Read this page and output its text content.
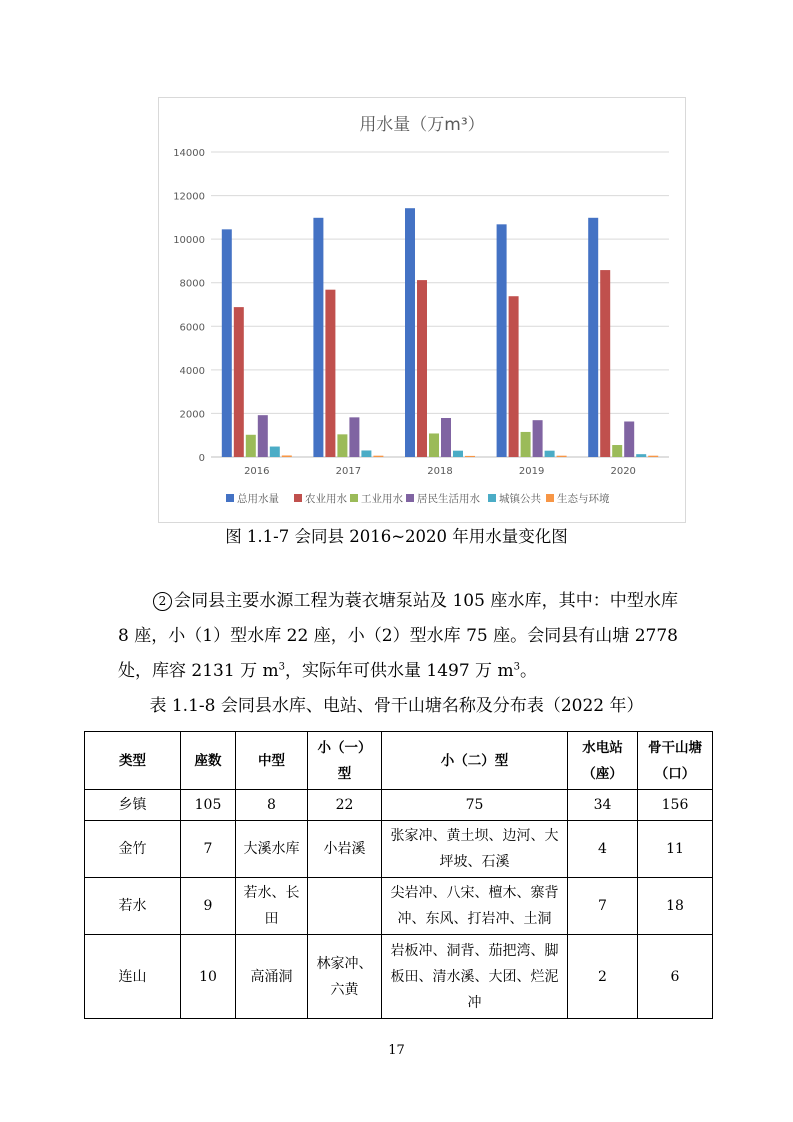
0
2000
4000
6000
8000
10000
12000
14000
2016	2017	2018	2019	2020
总用水量 农业用水 工业用水 居民生活用水 城镇公共 生态与环境
用水量（万m³）
图 1.1-7 会同县 2016~2020 年用水量变化图

2 会同县主要水源工程为蓑衣塘泵站及 105 座水库，其中：中型水库 8 座，小（1）型水库 22 座，小（2）型水库 75 座。会同县有山塘 2778 处，库容 2131 万 $m^3$，实际年可供水量 1497 万 $m^3$。

表 1.1-8 会同县水库、电站、骨干山塘名称及分布表（2022 年）
类型	座数	中型	小（一）型	小（二）型	水电站（座）	骨干山塘（口）
乡镇	105	8	22	75	34	156
金竹	7	大溪水库	小岩溪	张家冲、黄土坝、边河、大坪坡、石溪	4	11
若水	9	若水、长田		尖岩冲、八宋、檀木、寨背冲、东风、打岩冲、土洞	7	18
连山	10	高涌洞	林家冲、六黄	岩板冲、洞背、茄把湾、脚板田、清水溪、大团、烂泥冲	2	6
17
